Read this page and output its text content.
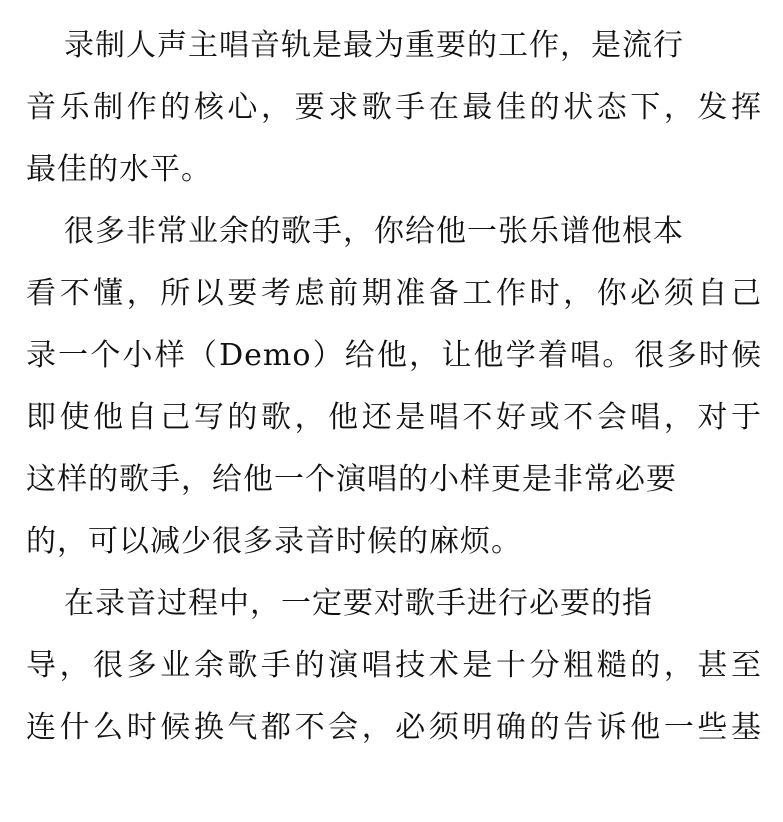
录制人声主唱音轨是最为重要的工作，是流行
音乐制作的核心，要求歌手在最佳的状态下，发挥
最佳的水平。
很多非常业余的歌手，你给他一张乐谱他根本
看不懂，所以要考虑前期准备工作时，你必须自己
录一个小样（Demo）给他，让他学着唱。很多时候
即使他自己写的歌，他还是唱不好或不会唱，对于
这样的歌手，给他一个演唱的小样更是非常必要
的，可以减少很多录音时候的麻烦。
在录音过程中，一定要对歌手进行必要的指
导，很多业余歌手的演唱技术是十分粗糙的，甚至
连什么时候换气都不会，必须明确的告诉他一些基
